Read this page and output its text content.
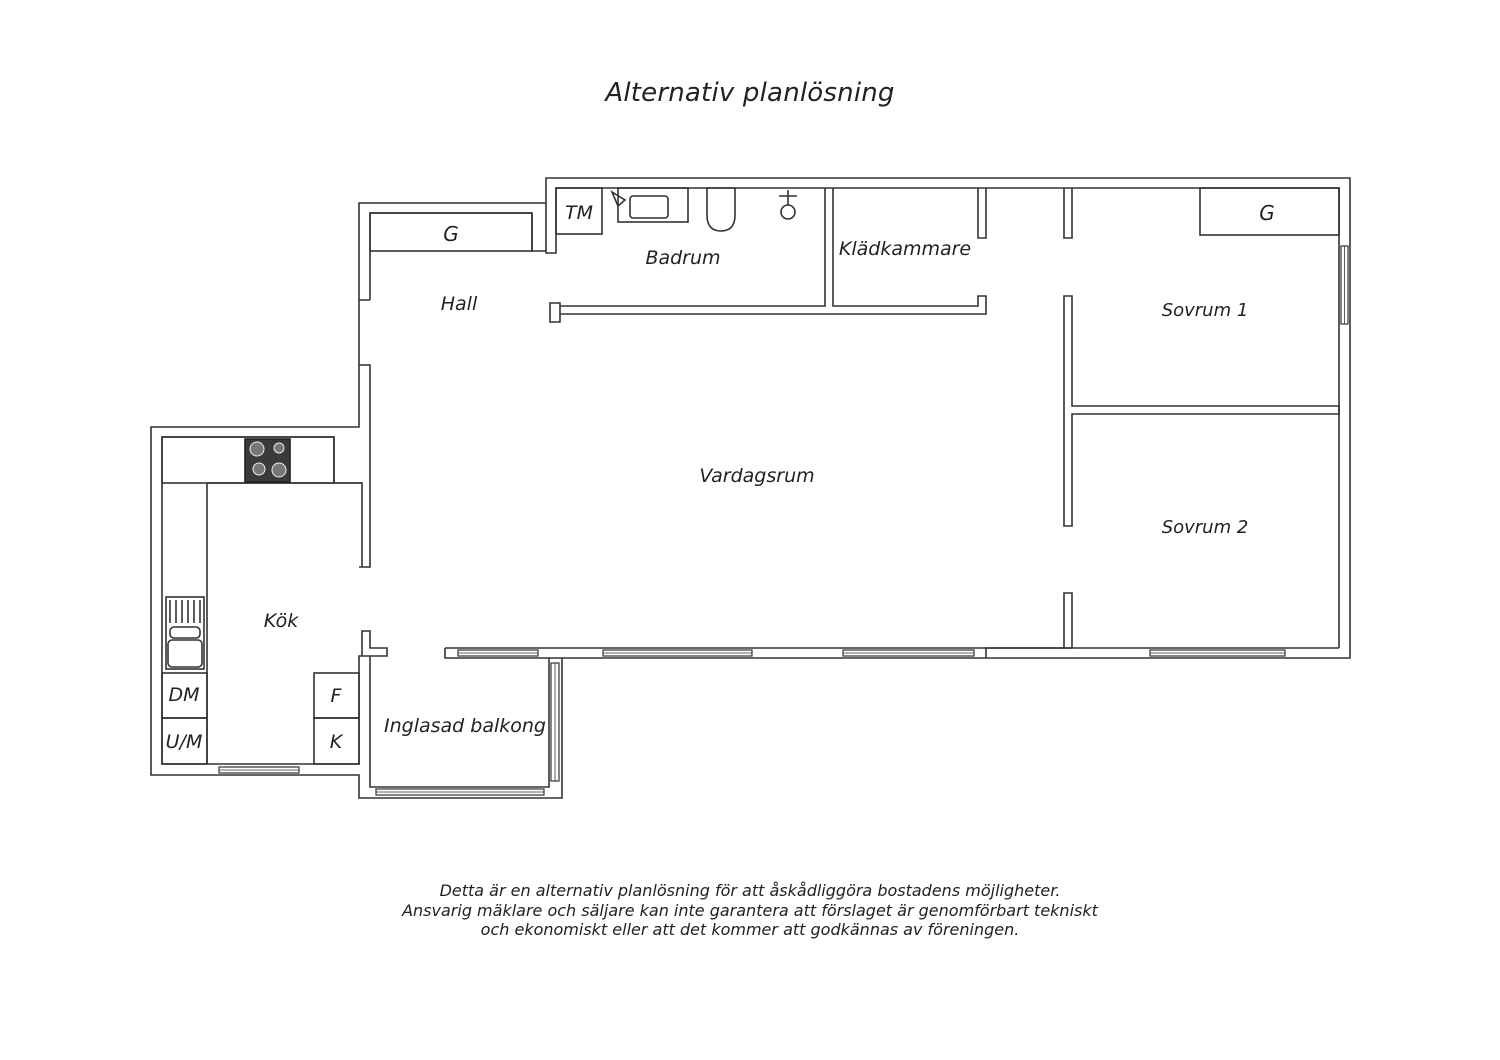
Alternativ planlösning
G
TM
Badrum	Klädkammare
G
Hall	Sovrum 1
Vardagsrum
Sovrum 2
Kök
DM
U/M
F
K
Inglasad balkong
Detta är en alternativ planlösning för att åskådliggöra bostadens möjligheter.
Ansvarig mäklare och säljare kan inte garantera att förslaget är genomförbart tekniskt
och ekonomiskt eller att det kommer att godkännas av föreningen.
